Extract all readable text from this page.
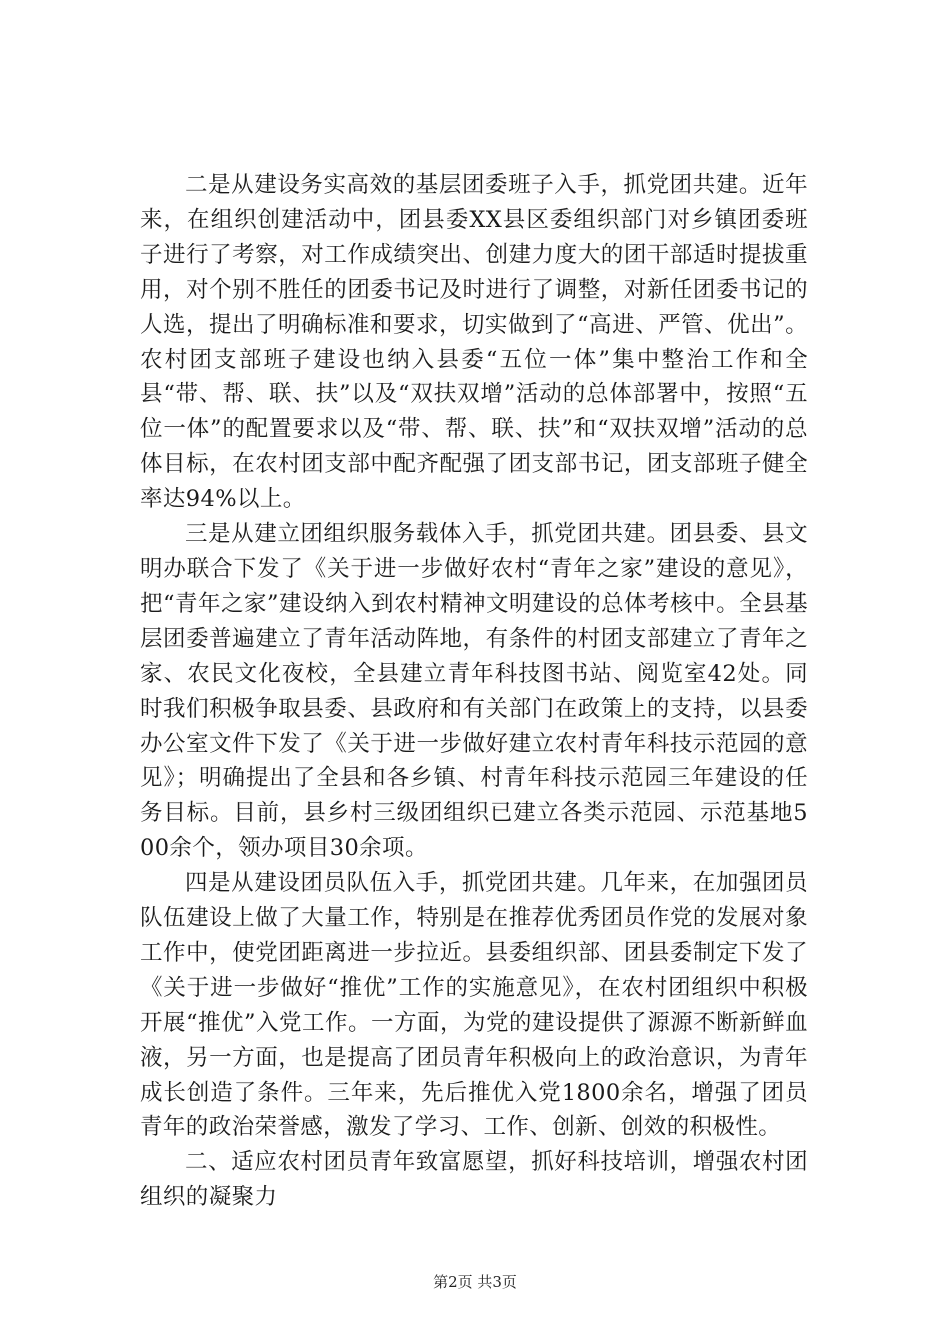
二是从建设务实高效的基层团委班子入手，抓党团共建。近年来，在组织创建活动中，团县委XX县区委组织部门对乡镇团委班子进行了考察，对工作成绩突出、创建力度大的团干部适时提拔重用，对个别不胜任的团委书记及时进行了调整，对新任团委书记的人选，提出了明确标准和要求，切实做到了“高进、严管、优出”。农村团支部班子建设也纳入县委“五位一体”集中整治工作和全县“带、帮、联、扶”以及“双扶双增”活动的总体部署中，按照“五位一体”的配置要求以及“带、帮、联、扶”和“双扶双增”活动的总体目标，在农村团支部中配齐配强了团支部书记，团支部班子健全率达94%以上。

三是从建立团组织服务载体入手，抓党团共建。团县委、县文明办联合下发了《关于进一步做好农村“青年之家”建设的意见》，把“青年之家”建设纳入到农村精神文明建设的总体考核中。全县基层团委普遍建立了青年活动阵地，有条件的村团支部建立了青年之家、农民文化夜校，全县建立青年科技图书站、阅览室42处。同时我们积极争取县委、县政府和有关部门在政策上的支持，以县委办公室文件下发了《关于进一步做好建立农村青年科技示范园的意见》；明确提出了全县和各乡镇、村青年科技示范园三年建设的任务目标。目前，县乡村三级团组织已建立各类示范园、示范基地500余个，领办项目30余项。

四是从建设团员队伍入手，抓党团共建。几年来，在加强团员队伍建设上做了大量工作，特别是在推荐优秀团员作党的发展对象工作中，使党团距离进一步拉近。县委组织部、团县委制定下发了《关于进一步做好“推优”工作的实施意见》，在农村团组织中积极开展“推优”入党工作。一方面，为党的建设提供了源源不断新鲜血液，另一方面，也是提高了团员青年积极向上的政治意识，为青年成长创造了条件。三年来，先后推优入党1800余名，增强了团员青年的政治荣誉感，激发了学习、工作、创新、创效的积极性。

二、适应农村团员青年致富愿望，抓好科技培训，增强农村团组织的凝聚力

第2页 共3页
